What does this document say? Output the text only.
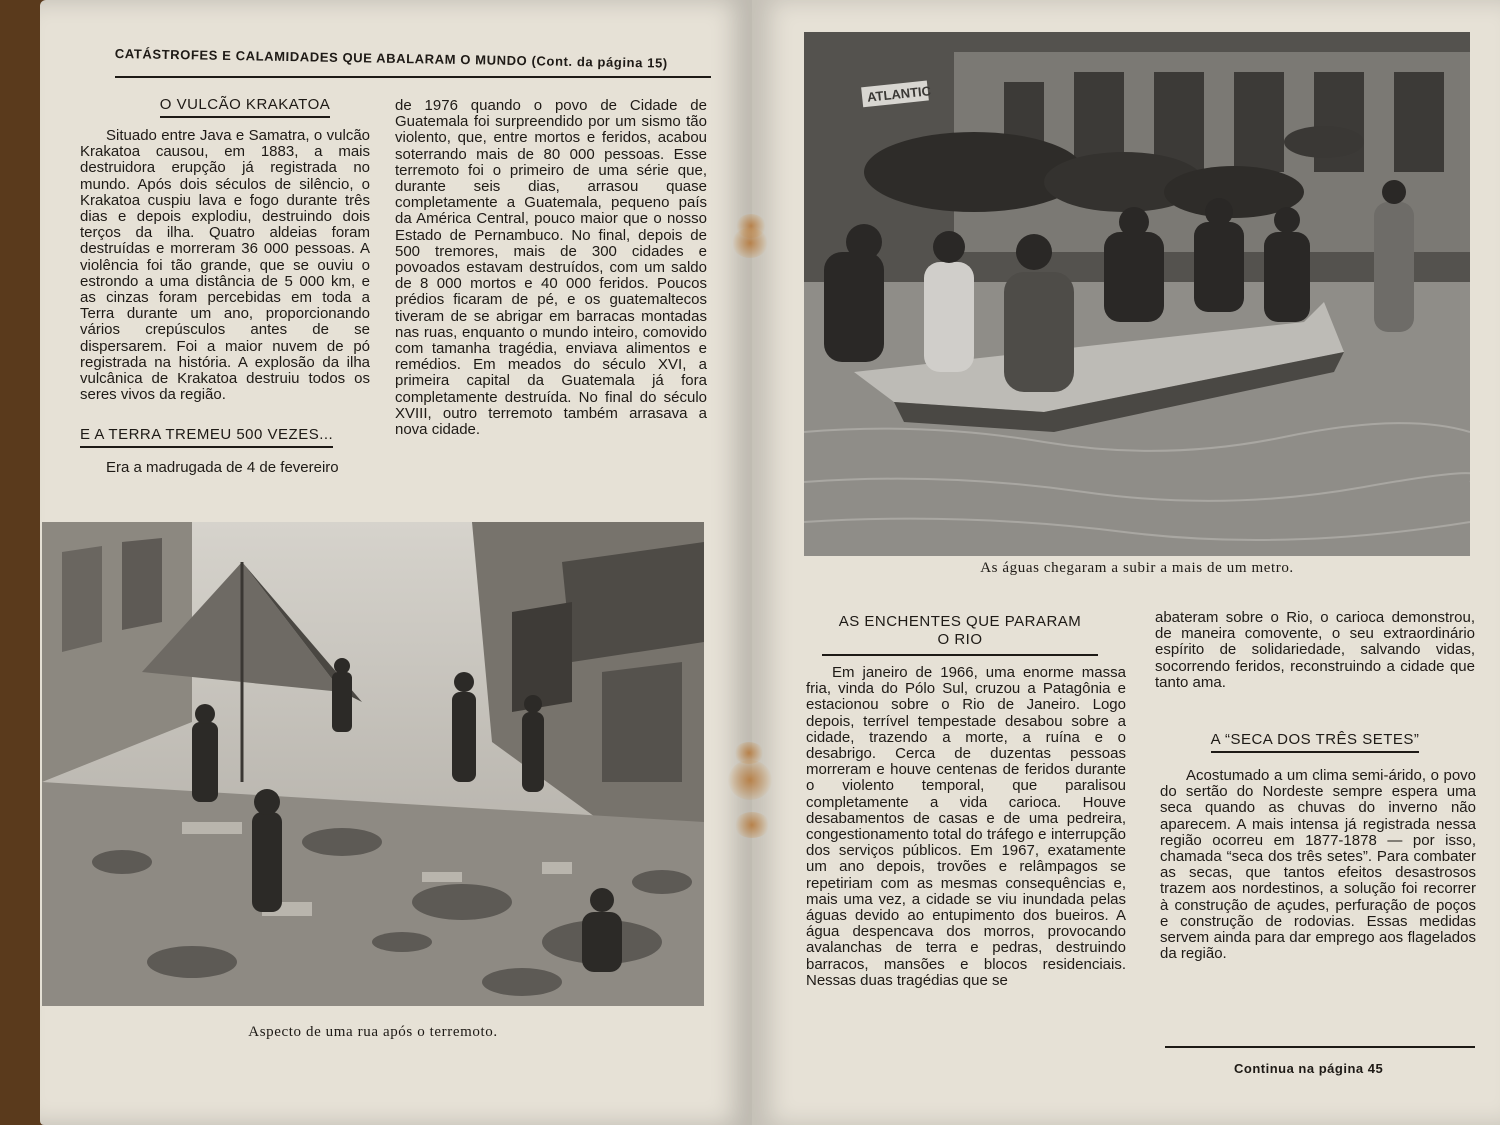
CATÁSTROFES E CALAMIDADES QUE ABALARAM O MUNDO (Cont. da página 15)
O VULCÃO KRAKATOA

Situado entre Java e Samatra, o vulcão Krakatoa causou, em 1883, a mais destruidora erupção já registrada no mundo. Após dois séculos de silêncio, o Krakatoa cuspiu lava e fogo durante três dias e depois explodiu, destruindo dois terços da ilha. Quatro aldeias foram destruídas e morreram 36 000 pessoas. A violência foi tão grande, que se ouviu o estrondo a uma distância de 5 000 km, e as cinzas foram percebidas em toda a Terra durante um ano, proporcionando vários crepúsculos antes de se dispersarem. Foi a maior nuvem de pó registrada na história. A explosão da ilha vulcânica de Krakatoa destruiu todos os seres vivos da região.

E A TERRA TREMEU 500 VEZES...

Era a madrugada de 4 de fevereiro

de 1976 quando o povo de Cidade de Guatemala foi surpreendido por um sismo tão violento, que, entre mortos e feridos, acabou soterrando mais de 80 000 pessoas. Esse terremoto foi o primeiro de uma série que, durante seis dias, arrasou quase completamente a Guatemala, pequeno país da América Central, pouco maior que o nosso Estado de Pernambuco. No final, depois de 500 tremores, mais de 300 cidades e povoados estavam destruídos, com um saldo de 8 000 mortos e 40 000 feridos. Poucos prédios ficaram de pé, e os guatemaltecos tiveram de se abrigar em barracas montadas nas ruas, enquanto o mundo inteiro, comovido com tamanha tragédia, enviava alimentos e remédios. Em meados do século XVI, a primeira capital da Guatemala já fora completamente destruída. No final do século XVIII, outro terremoto também arrasava a nova cidade.

Aspecto de uma rua após o terremoto.
ATLANTIC
As águas chegaram a subir a mais de um metro.
AS ENCHENTES QUE PARARAM
O RIO

Em janeiro de 1966, uma enorme massa fria, vinda do Pólo Sul, cruzou a Patagônia e estacionou sobre o Rio de Janeiro. Logo depois, terrível tempestade desabou sobre a cidade, trazendo a morte, a ruína e o desabrigo. Cerca de duzentas pessoas morreram e houve centenas de feridos durante o violento temporal, que paralisou completamente a vida carioca. Houve desabamentos de casas e de uma pedreira, congestionamento total do tráfego e interrupção dos serviços públicos. Em 1967, exatamente um ano depois, trovões e relâmpagos se repetiriam com as mesmas consequências e, mais uma vez, a cidade se viu inundada pelas águas devido ao entupimento dos bueiros. A água despencava dos morros, provocando avalanchas de terra e pedras, destruindo barracos, mansões e blocos residenciais. Nessas duas tragédias que se

abateram sobre o Rio, o carioca demonstrou, de maneira comovente, o seu extraordinário espírito de solidariedade, salvando vidas, socorrendo feridos, reconstruindo a cidade que tanto ama.

A “SECA DOS TRÊS SETES”

Acostumado a um clima semi-árido, o povo do sertão do Nordeste sempre espera uma seca quando as chuvas do inverno não aparecem. A mais intensa já registrada nessa região ocorreu em 1877-1878 — por isso, chamada “seca dos três setes”. Para combater as secas, que tantos efeitos desastrosos trazem aos nordestinos, a solução foi recorrer à construção de açudes, perfuração de poços e construção de rodovias. Essas medidas servem ainda para dar emprego aos flagelados da região.

Continua na página 45
